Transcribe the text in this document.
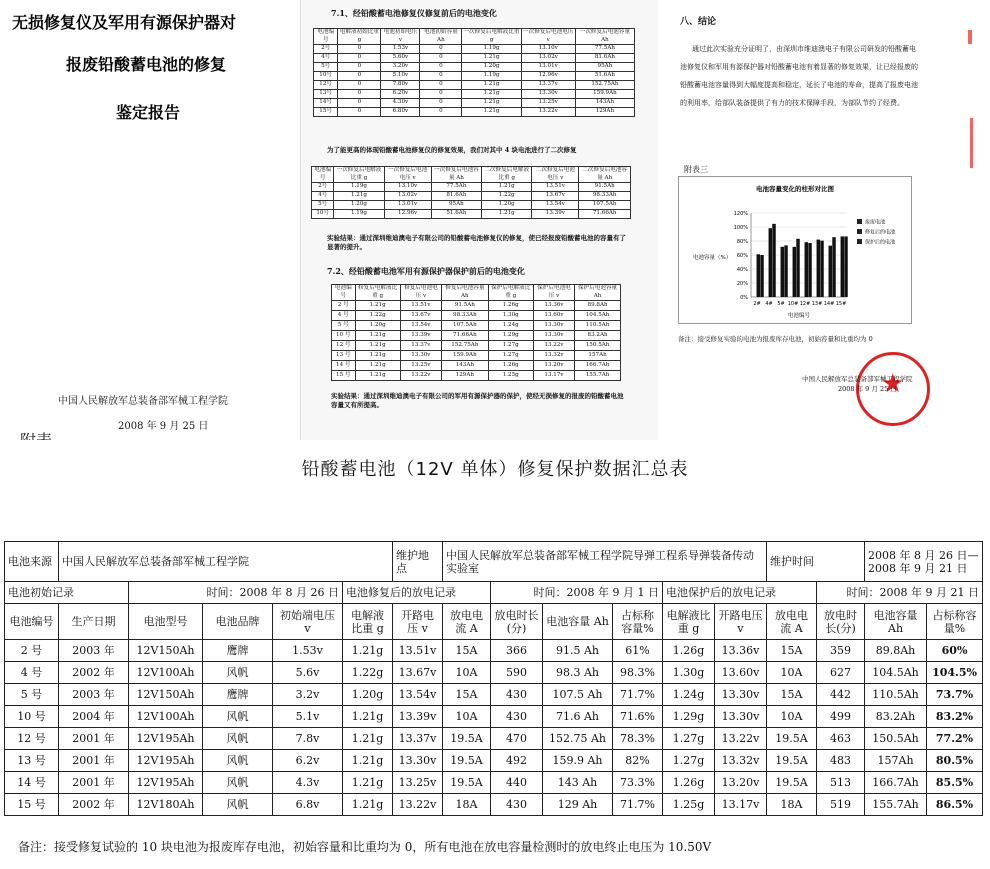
无损修复仪及军用有源保护器对
报废铅酸蓄电池的修复
鉴定报告
中国人民解放军总装备部军械工程学院
2008 年 9 月 25 日
7.1、经铅酸蓄电池修复仪修复前后的电池变化
电池编号	电解液初始比重 g	电池初始电压 v	电池初始容量 Ah	一次修复后电解液比重 g	一次修复后电池电压 v	一次修复后电池容量 Ah
2号	0	1.53v	0	1.19g	13.10v	77.5Ah
4号	0	5.60v	0	1.21g	13.02v	81.6Ah
5号	0	3.20v	0	1.20g	13.01v	95Ah
10号	0	5.10v	0	1.19g	12.96v	51.6Ah
12号	0	7.80v	0	1.21g	13.37v	152.75Ah
13号	0	6.20v	0	1.21g	13.30v	159.9Ah
14号	0	4.30v	0	1.21g	13.25v	143Ah
15号	0	6.80v	0	1.21g	13.22v	129Ah
为了能更高的体现铅酸蓄电池修复仪的修复效果，我们对其中 4 块电池进行了二次修复
电池编号	一次修复后电解液比重 g	一次修复后电池电压 v	一次修复后电池容量 Ah	二次修复后电解液比重 g	二次修复后电池电压 v	二次修复后电池容量 Ah
2号	1.19g	13.10v	77.5Ah	1.21g	13.51v	91.5Ah
4号	1.21g	13.02v	81.6Ah	1.22g	13.67v	98.33Ah
5号	1.20g	13.01v	95Ah	1.20g	13.54v	107.5Ah
10号	1.19g	12.96v	51.6Ah	1.21g	13.39v	71.66Ah
实验结果：通过深圳维迪澳电子有限公司的铅酸蓄电池修复仪的修复，使已经报废铅酸蓄电池的容量有了显著的提升。
7.2、经铅酸蓄电池军用有源保护器保护前后的电池变化
电池编号	修复后电解液比重 g	修复后电池电压 v	修复后电池容量 Ah	保护后电解液比重 g	保护后电池电压 v	保护后电池容量 Ah
2 号	1.21g	13.51v	91.5Ah	1.26g	13.36v	89.8Ah
4 号	1.22g	13.67v	98.33Ah	1.30g	13.60v	104.5Ah
5 号	1.20g	13.54v	107.5Ah	1.24g	13.30v	110.5Ah
10 号	1.21g	13.39v	71.66Ah	1.29g	13.30v	83.2Ah
12 号	1.21g	13.37v	152.75Ah	1.27g	13.22v	150.5Ah
13 号	1.21g	13.30v	159.9Ah	1.27g	13.32v	157Ah
14 号	1.21g	13.25v	143Ah	1.26g	13.20v	166.7Ah
15 号	1.21g	13.22v	129Ah	1.25g	13.17v	155.7Ah
实验结果：通过深圳维迪澳电子有限公司的军用有源保护器的保护，使经无损修复的报废的铅酸蓄电池容量又有所提高。
八、结论
通过此次实验充分证明了，由深圳市维迪澳电子有限公司研发的铅酸蓄电池修复仪和军用有源保护器对铅酸蓄电池有着显著的修复效果，让已经报废的铅酸蓄电池容量得到大幅度提高和稳定，延长了电池的寿命，提高了报废电池的利用率，给部队装备提供了有力的技术保障手段，为部队节约了经费。
附表三
电池容量变化的柱形对比图
0%
20%
40%
60%
80%
100%
120%
电池容量（%）
电池编号
2# 4# 5# 10# 12# 13# 14# 15#
报废电池
修复后的电池
保护后的电池
备注：接受修复实验的电池为报废库存电池，初始容量和比重均为 0
★
中国人民解放军总装备部军械工程学院
2008 年 9 月 25 日
铅酸蓄电池（12V 单体）修复保护数据汇总表
电池来源	中国人民解放军总装备部军械工程学院					维护地点	中国人民解放军总装备部军械工程学院导弹工程系导弹装备传动实验室						维护时间		2008 年 8 月 26 日—2008 年 9 月 21 日	
电池初始记录		时间：2008 年 8 月 26 日			电池修复后的放电记录			时间：2008 年 9 月 1 日			电池保护后的放电记录			时间：2008 年 9 月 21 日		
电池编号	生产日期	电池型号	电池品牌	初始端电压 v	电解液比重 g	开路电压 v	放电电流 A	放电时长(分)	电池容量 Ah	占标称容量%	电解液比重 g	开路电压 v	放电电流 A	放电时长(分)	电池容量 Ah	占标称容量%
2 号	2003 年	12V150Ah	鹰牌	1.53v	1.21g	13.51v	15A	366	91.5 Ah	61%	1.26g	13.36v	15A	359	89.8Ah	60%
4 号	2002 年	12V100Ah	风帆	5.6v	1.22g	13.67v	10A	590	98.3 Ah	98.3%	1.30g	13.60v	10A	627	104.5Ah	104.5%
5 号	2003 年	12V150Ah	鹰牌	3.2v	1.20g	13.54v	15A	430	107.5 Ah	71.7%	1.24g	13.30v	15A	442	110.5Ah	73.7%
10 号	2004 年	12V100Ah	风帆	5.1v	1.21g	13.39v	10A	430	71.6 Ah	71.6%	1.29g	13.30v	10A	499	83.2Ah	83.2%
12 号	2001 年	12V195Ah	风帆	7.8v	1.21g	13.37v	19.5A	470	152.75 Ah	78.3%	1.27g	13.22v	19.5A	463	150.5Ah	77.2%
13 号	2001 年	12V195Ah	风帆	6.2v	1.21g	13.30v	19.5A	492	159.9 Ah	82%	1.27g	13.32v	19.5A	483	157Ah	80.5%
14 号	2001 年	12V195Ah	风帆	4.3v	1.21g	13.25v	19.5A	440	143 Ah	73.3%	1.26g	13.20v	19.5A	513	166.7Ah	85.5%
15 号	2002 年	12V180Ah	风帆	6.8v	1.21g	13.22v	18A	430	129 Ah	71.7%	1.25g	13.17v	18A	519	155.7Ah	86.5%
备注：接受修复试验的 10 块电池为报废库存电池，初始容量和比重均为 0，所有电池在放电容量检测时的放电终止电压为 10.50V
